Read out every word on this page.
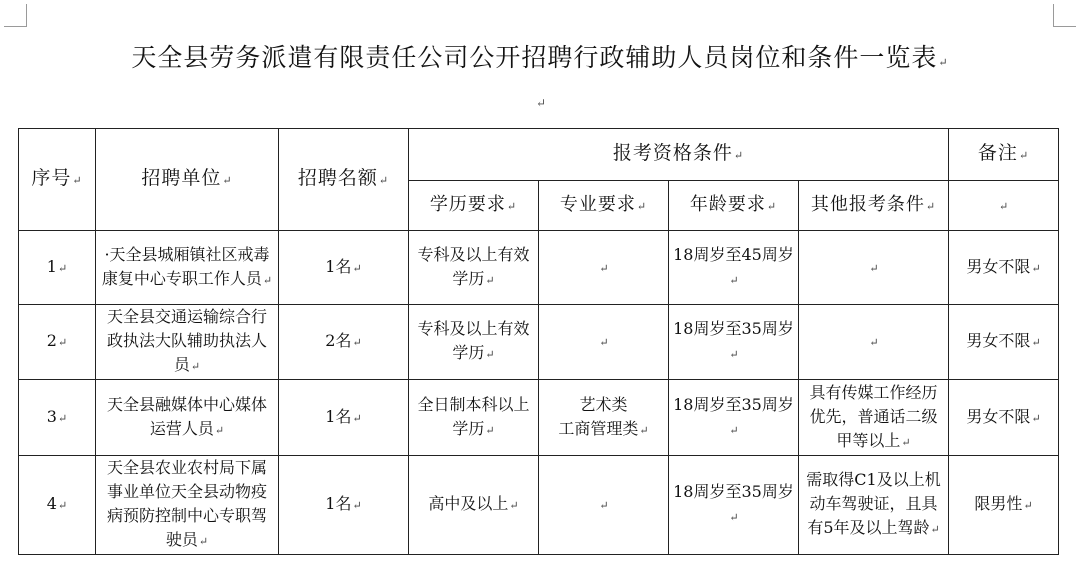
天全县劳务派遣有限责任公司公开招聘行政辅助人员岗位和条件一览表↵
↵
序号↵	招聘单位↵	招聘名额↵	报考资格条件↵				备注↵
			学历要求↵	专业要求↵	年龄要求↵	其他报考条件↵	↵
1↵	·天全县城厢镇社区戒毒康复中心专职工作人员↵	1名↵	专科及以上有效学历↵	↵	18周岁至45周岁↵	↵	男女不限↵
2↵	天全县交通运输综合行政执法大队辅助执法人员↵	2名↵	专科及以上有效学历↵	↵	18周岁至35周岁↵	↵	男女不限↵
3↵	天全县融媒体中心媒体运营人员↵	1名↵	全日制本科以上学历↵	艺术类
工商管理类↵	18周岁至35周岁↵	具有传媒工作经历优先，普通话二级甲等以上↵	男女不限↵
4↵	天全县农业农村局下属事业单位天全县动物疫病预防控制中心专职驾驶员↵	1名↵	高中及以上↵	↵	18周岁至35周岁↵	需取得C1及以上机动车驾驶证，且具有5年及以上驾龄↵	限男性↵
